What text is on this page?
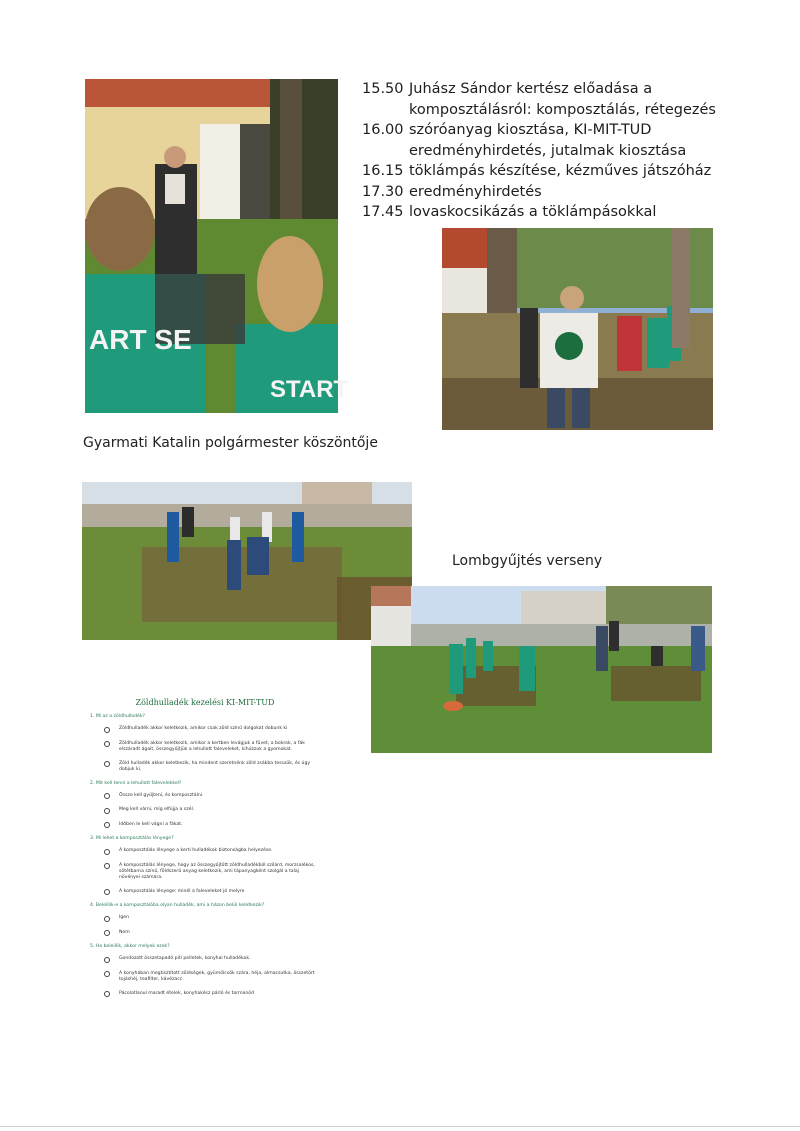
ART SE
START
15.50 Juhász Sándor kertész előadása a
komposztálásról: komposztálás, rétegezés
16.00 szóróanyag kiosztása, KI-MIT-TUD
eredményhirdetés, jutalmak kiosztása
16.15 töklámpás készítése, kézműves játszóház
17.30 eredményhirdetés
17.45 lovaskocsikázás a töklámpásokkal
Gyarmati Katalin polgármester köszöntője
Lombgyűjtés verseny
Zöldhulladék kezelési KI-MIT-TUD
1. Mi az a zöldhulladék?
Zöldhulladék akkor keletkezik, amikor csak zöld színű dolgokat dobunk ki
Zöldhulladék akkor keletkezik, amikor a kertben levágjuk a füvet, a bokrok, a fák elszáradt ágait, összegyűjtjük a lehullott faleveleket, kihúzzuk a gyomokat.
Zöld hulladék akkor keletkezik, ha mindent szeretnénk zöld zsákba tesszük, és úgy dobjuk ki.
2. Mit kell tenni a lehullott falevelekkel?
Össze kell gyűjteni, és komposztálni.
Meg kell várni, míg elfújja a szél.
Időben le kell vágni a fákat.
3. Mi lehet a komposztálás lényege?
A komposztálás lényege a kerti hulladékok biztonságba helyezése.
A komposztálás lényege, hogy az összegyűjtött zöldhulladékból szilárd, morzsalékos, sötétbarna színű, földszerű anyag keletkezik, ami tápanyagként szolgál a talaj növényei számára.
A komposztálás lényege: minél a faleveleket jó melyre
4. Beleillik-e a komposztálóba olyan hulladék, ami a házon belül keletkezik?
Igen
Nem
5. Ha beleillik, akkor melyek ezek?
Gondozott összetapadó piti pelletek, konyhai hulladékok.
A konyhában megtisztított zöldségek, gyümölcsök szára, héja, almacsutka, összetört tojáshéj, teafilter, kávézacc.
Pácolatlanul maradt ételek, konyhakész párló és tormanöd
